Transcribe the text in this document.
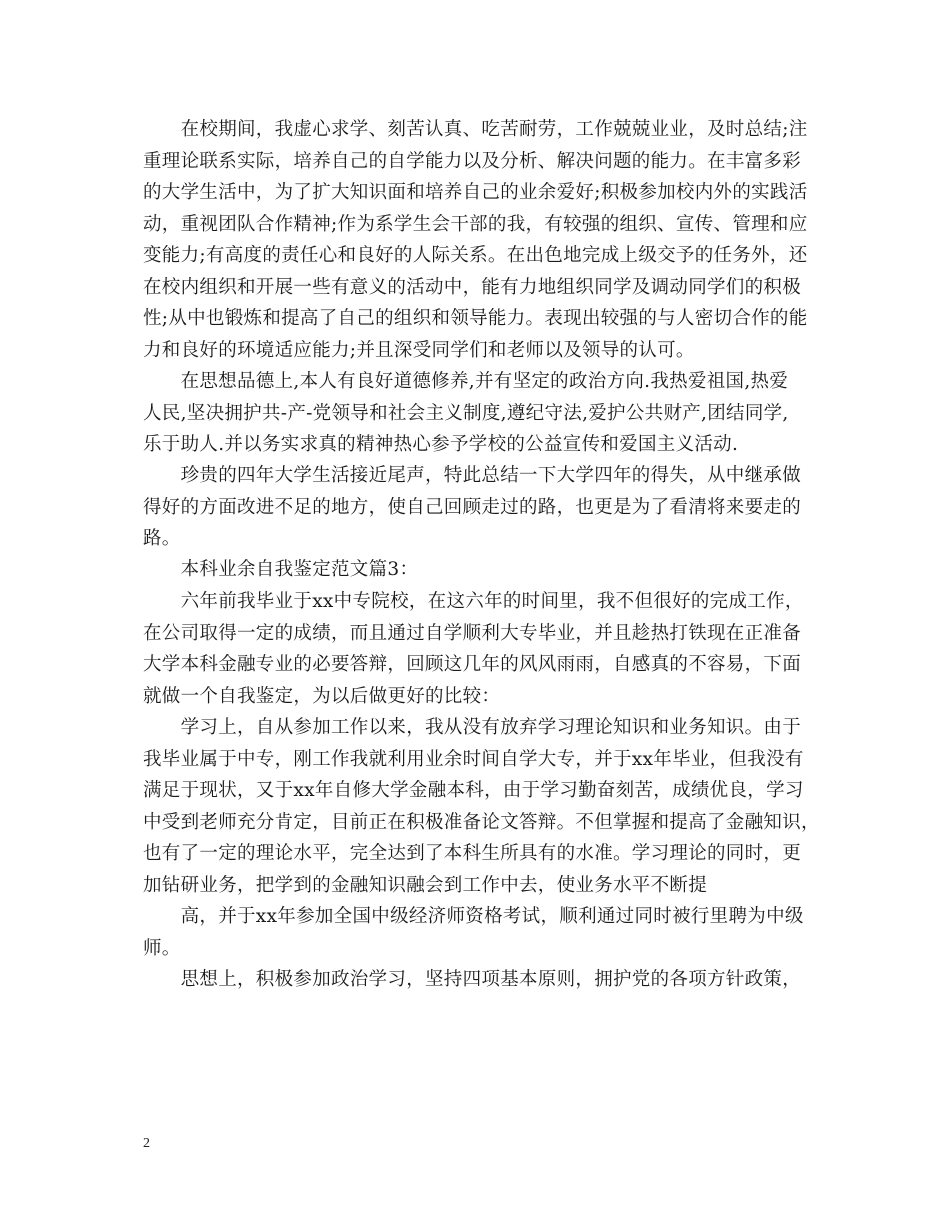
　　在校期间，我虚心求学、刻苦认真、吃苦耐劳，工作兢兢业业，及时总结;注
重理论联系实际，培养自己的自学能力以及分析、解决问题的能力。在丰富多彩
的大学生活中，为了扩大知识面和培养自己的业余爱好;积极参加校内外的实践活
动，重视团队合作精神;作为系学生会干部的我，有较强的组织、宣传、管理和应
变能力;有高度的责任心和良好的人际关系。在出色地完成上级交予的任务外，还
在校内组织和开展一些有意义的活动中，能有力地组织同学及调动同学们的积极
性;从中也锻炼和提高了自己的组织和领导能力。表现出较强的与人密切合作的能
力和良好的环境适应能力;并且深受同学们和老师以及领导的认可。
　　在思想品德上,本人有良好道德修养,并有坚定的政治方向.我热爱祖国,热爱
人民,坚决拥护共-产-党领导和社会主义制度,遵纪守法,爱护公共财产,团结同学,
乐于助人.并以务实求真的精神热心参予学校的公益宣传和爱国主义活动.
　　珍贵的四年大学生活接近尾声，特此总结一下大学四年的得失，从中继承做
得好的方面改进不足的地方，使自己回顾走过的路，也更是为了看清将来要走的
路。
　　本科业余自我鉴定范文篇3：
　　六年前我毕业于xx中专院校，在这六年的时间里，我不但很好的完成工作，
在公司取得一定的成绩，而且通过自学顺利大专毕业，并且趁热打铁现在正准备
大学本科金融专业的必要答辩，回顾这几年的风风雨雨，自感真的不容易，下面
就做一个自我鉴定，为以后做更好的比较：
　　学习上，自从参加工作以来，我从没有放弃学习理论知识和业务知识。由于
我毕业属于中专，刚工作我就利用业余时间自学大专，并于xx年毕业，但我没有
满足于现状，又于xx年自修大学金融本科，由于学习勤奋刻苦，成绩优良，学习
中受到老师充分肯定，目前正在积极准备论文答辩。不但掌握和提高了金融知识，
也有了一定的理论水平，完全达到了本科生所具有的水准。学习理论的同时，更
加钻研业务，把学到的金融知识融会到工作中去，使业务水平不断提
　　高，并于xx年参加全国中级经济师资格考试，顺利通过同时被行里聘为中级
师。
　　思想上，积极参加政治学习，坚持四项基本原则，拥护党的各项方针政策，
2
